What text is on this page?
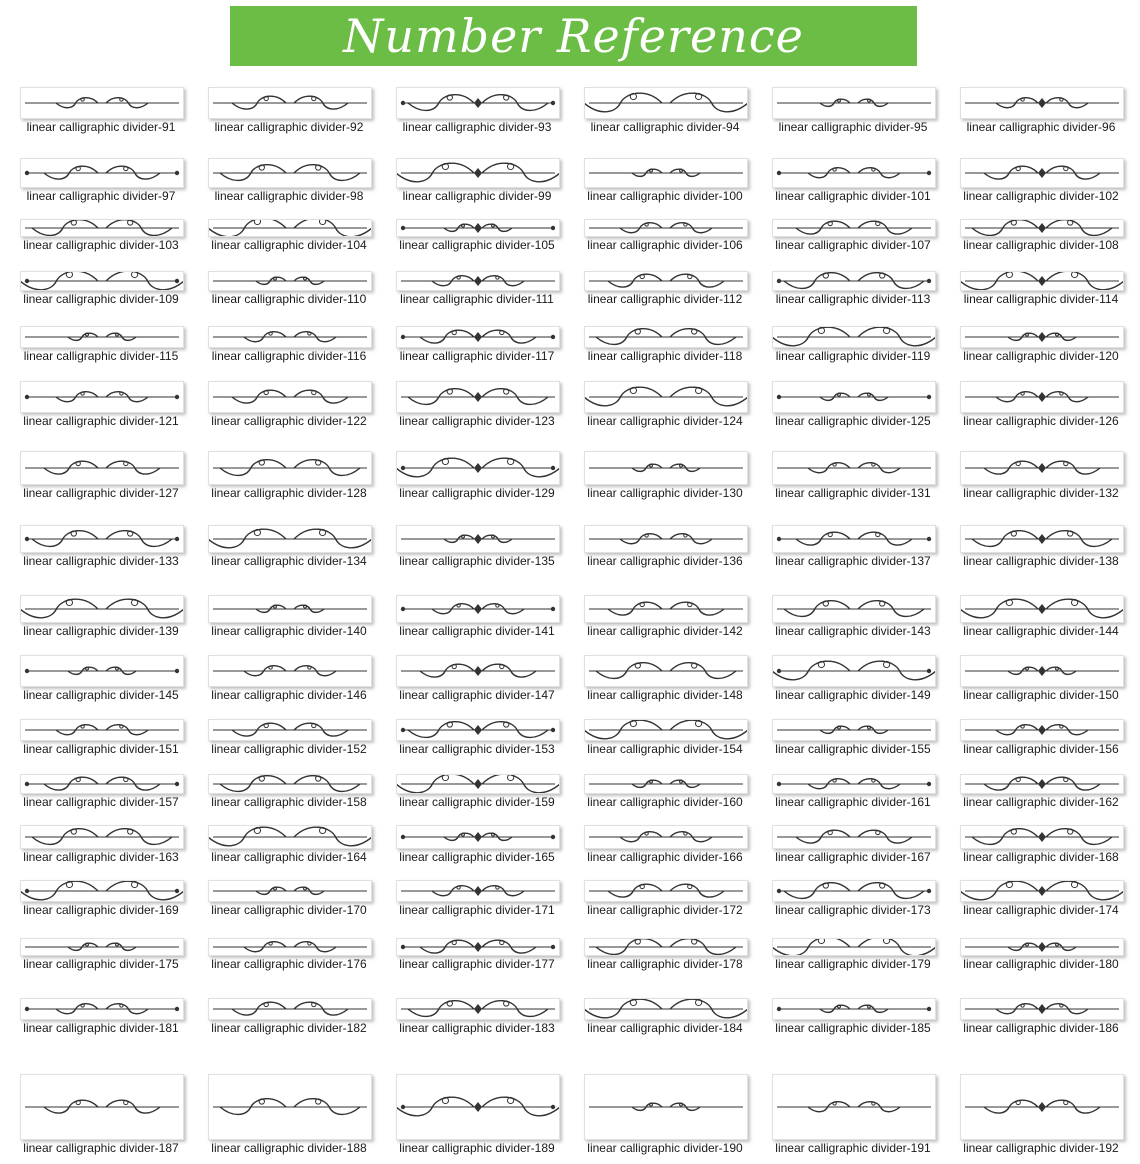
Number Reference
linear calligraphic divider-91	linear calligraphic divider-92	linear calligraphic divider-93	linear calligraphic divider-94	linear calligraphic divider-95	linear calligraphic divider-96
linear calligraphic divider-97	linear calligraphic divider-98	linear calligraphic divider-99	linear calligraphic divider-100	linear calligraphic divider-101	linear calligraphic divider-102
linear calligraphic divider-103	linear calligraphic divider-104	linear calligraphic divider-105	linear calligraphic divider-106	linear calligraphic divider-107	linear calligraphic divider-108
linear calligraphic divider-109	linear calligraphic divider-110	linear calligraphic divider-111	linear calligraphic divider-112	linear calligraphic divider-113	linear calligraphic divider-114
linear calligraphic divider-115	linear calligraphic divider-116	linear calligraphic divider-117	linear calligraphic divider-118	linear calligraphic divider-119	linear calligraphic divider-120
linear calligraphic divider-121	linear calligraphic divider-122	linear calligraphic divider-123	linear calligraphic divider-124	linear calligraphic divider-125	linear calligraphic divider-126
linear calligraphic divider-127	linear calligraphic divider-128	linear calligraphic divider-129	linear calligraphic divider-130	linear calligraphic divider-131	linear calligraphic divider-132
linear calligraphic divider-133	linear calligraphic divider-134	linear calligraphic divider-135	linear calligraphic divider-136	linear calligraphic divider-137	linear calligraphic divider-138
linear calligraphic divider-139	linear calligraphic divider-140	linear calligraphic divider-141	linear calligraphic divider-142	linear calligraphic divider-143	linear calligraphic divider-144
linear calligraphic divider-145	linear calligraphic divider-146	linear calligraphic divider-147	linear calligraphic divider-148	linear calligraphic divider-149	linear calligraphic divider-150
linear calligraphic divider-151	linear calligraphic divider-152	linear calligraphic divider-153	linear calligraphic divider-154	linear calligraphic divider-155	linear calligraphic divider-156
linear calligraphic divider-157	linear calligraphic divider-158	linear calligraphic divider-159	linear calligraphic divider-160	linear calligraphic divider-161	linear calligraphic divider-162
linear calligraphic divider-163	linear calligraphic divider-164	linear calligraphic divider-165	linear calligraphic divider-166	linear calligraphic divider-167	linear calligraphic divider-168
linear calligraphic divider-169	linear calligraphic divider-170	linear calligraphic divider-171	linear calligraphic divider-172	linear calligraphic divider-173	linear calligraphic divider-174
linear calligraphic divider-175	linear calligraphic divider-176	linear calligraphic divider-177	linear calligraphic divider-178	linear calligraphic divider-179	linear calligraphic divider-180
linear calligraphic divider-181	linear calligraphic divider-182	linear calligraphic divider-183	linear calligraphic divider-184	linear calligraphic divider-185	linear calligraphic divider-186
linear calligraphic divider-187	linear calligraphic divider-188	linear calligraphic divider-189	linear calligraphic divider-190	linear calligraphic divider-191	linear calligraphic divider-192
